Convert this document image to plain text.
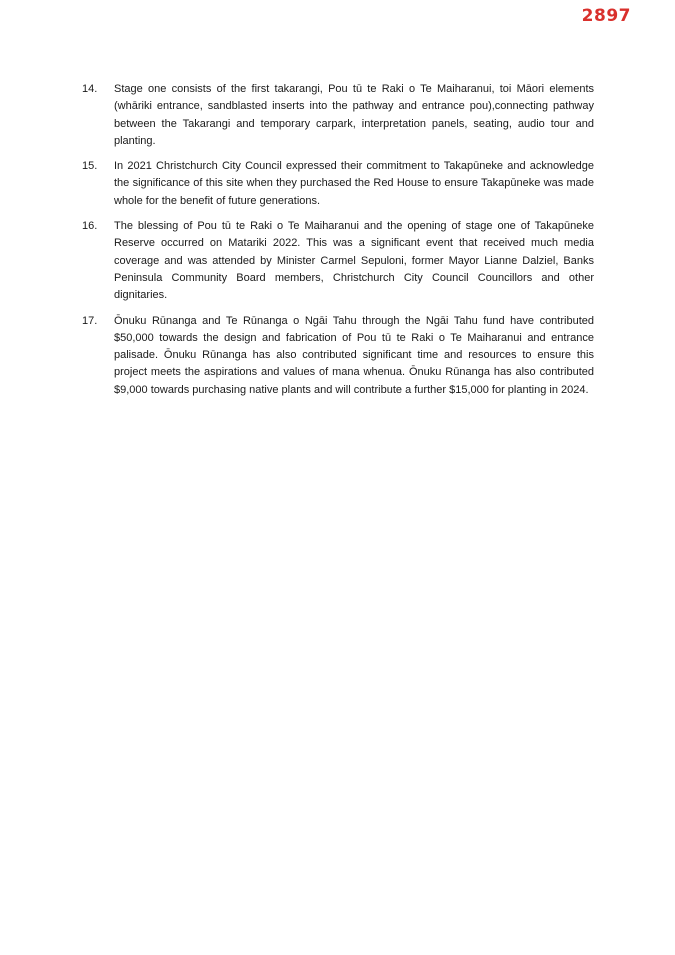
2897
14.	Stage one consists of the first takarangi, Pou tū te Raki o Te Maiharanui, toi Māori elements (whāriki entrance, sandblasted inserts into the pathway and entrance pou),connecting pathway between the Takarangi and temporary carpark, interpretation panels, seating, audio tour and planting.

15.	In 2021 Christchurch City Council expressed their commitment to Takapūneke and acknowledge the significance of this site when they purchased the Red House to ensure Takapūneke was made whole for the benefit of future generations.

16.	The blessing of Pou tū te Raki o Te Maiharanui and the opening of stage one of Takapūneke Reserve occurred on Matariki 2022. This was a significant event that received much media coverage and was attended by Minister Carmel Sepuloni, former Mayor Lianne Dalziel, Banks Peninsula Community Board members, Christchurch City Council Councillors and other dignitaries.

17.	Ōnuku Rūnanga and Te Rūnanga o Ngāi Tahu through the Ngāi Tahu fund have contributed $50,000 towards the design and fabrication of Pou tū te Raki o Te Maiharanui and entrance palisade. Ōnuku Rūnanga has also contributed significant time and resources to ensure this project meets the aspirations and values of mana whenua. Ōnuku Rūnanga has also contributed $9,000 towards purchasing native plants and will contribute a further $15,000 for planting in 2024.
